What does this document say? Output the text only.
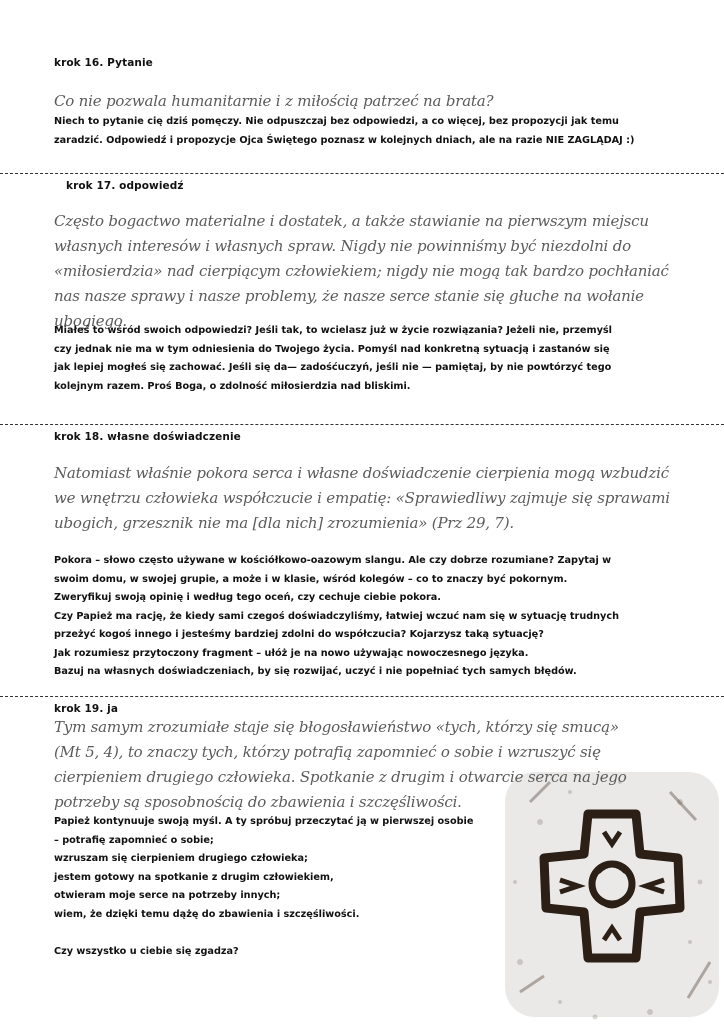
krok 16. Pytanie
Co nie pozwala humanitarnie i z miłością patrzeć na brata?
Niech to pytanie cię dziś pomęczy. Nie odpuszczaj bez odpowiedzi, a co więcej, bez propozycji jak temu
zaradzić. Odpowiedź i propozycje Ojca Świętego poznasz w kolejnych dniach, ale na razie NIE ZAGLĄDAJ :)
krok 17. odpowiedź
Często bogactwo materialne i dostatek, a także stawianie na pierwszym miejscu własnych interesów i własnych spraw. Nigdy nie powinniśmy być niezdolni do «miłosierdzia» nad cierpiącym człowiekiem; nigdy nie mogą tak bardzo pochłaniać nas nasze sprawy i nasze problemy, że nasze serce stanie się głuche na wołanie ubogiego.
Miałeś to wśród swoich odpowiedzi? Jeśli tak, to wcielasz już w życie rozwiązania? Jeżeli nie, przemyśl
czy jednak nie ma w tym odniesienia do Twojego życia. Pomyśl nad konkretną sytuacją i zastanów się
jak lepiej mogłeś się zachować. Jeśli się da— zadośćuczyń, jeśli nie — pamiętaj, by nie powtórzyć tego
kolejnym razem. Proś Boga, o zdolność miłosierdzia nad bliskimi.
krok 18. własne doświadczenie
Natomiast właśnie pokora serca i własne doświadczenie cierpienia mogą wzbudzić we wnętrzu człowieka współczucie i empatię: «Sprawiedliwy zajmuje się sprawami ubogich, grzesznik nie ma [dla nich] zrozumienia» (Prz 29, 7).
Pokora – słowo często używane w kościółkowo-oazowym slangu. Ale czy dobrze rozumiane? Zapytaj w
swoim domu, w swojej grupie, a może i w klasie, wśród kolegów – co to znaczy być pokornym.
Zweryfikuj swoją opinię i według tego oceń, czy cechuje ciebie pokora.
Czy Papież ma rację, że kiedy sami czegoś doświadczyliśmy, łatwiej wczuć nam się w sytuację trudnych
przeżyć kogoś innego i jesteśmy bardziej zdolni do współczucia? Kojarzysz taką sytuację?
Jak rozumiesz przytoczony fragment – ułóż je na nowo używając nowoczesnego języka.
Bazuj na własnych doświadczeniach, by się rozwijać, uczyć i nie popełniać tych samych błędów.
krok 19. ja
Tym samym zrozumiałe staje się błogosławieństwo «tych, którzy się smucą» (Mt 5, 4), to znaczy tych, którzy potrafią zapomnieć o sobie i wzruszyć się cierpieniem drugiego człowieka. Spotkanie z drugim i otwarcie serca na jego potrzeby są sposobnością do zbawienia i szczęśliwości.
Papież kontynuuje swoją myśl. A ty spróbuj przeczytać ją w pierwszej osobie
– potrafię zapomnieć o sobie;
wzruszam się cierpieniem drugiego człowieka;
jestem gotowy na spotkanie z drugim człowiekiem,
otwieram moje serce na potrzeby innych;
wiem, że dzięki temu dążę do zbawienia i szczęśliwości.

Czy wszystko u ciebie się zgadza?
